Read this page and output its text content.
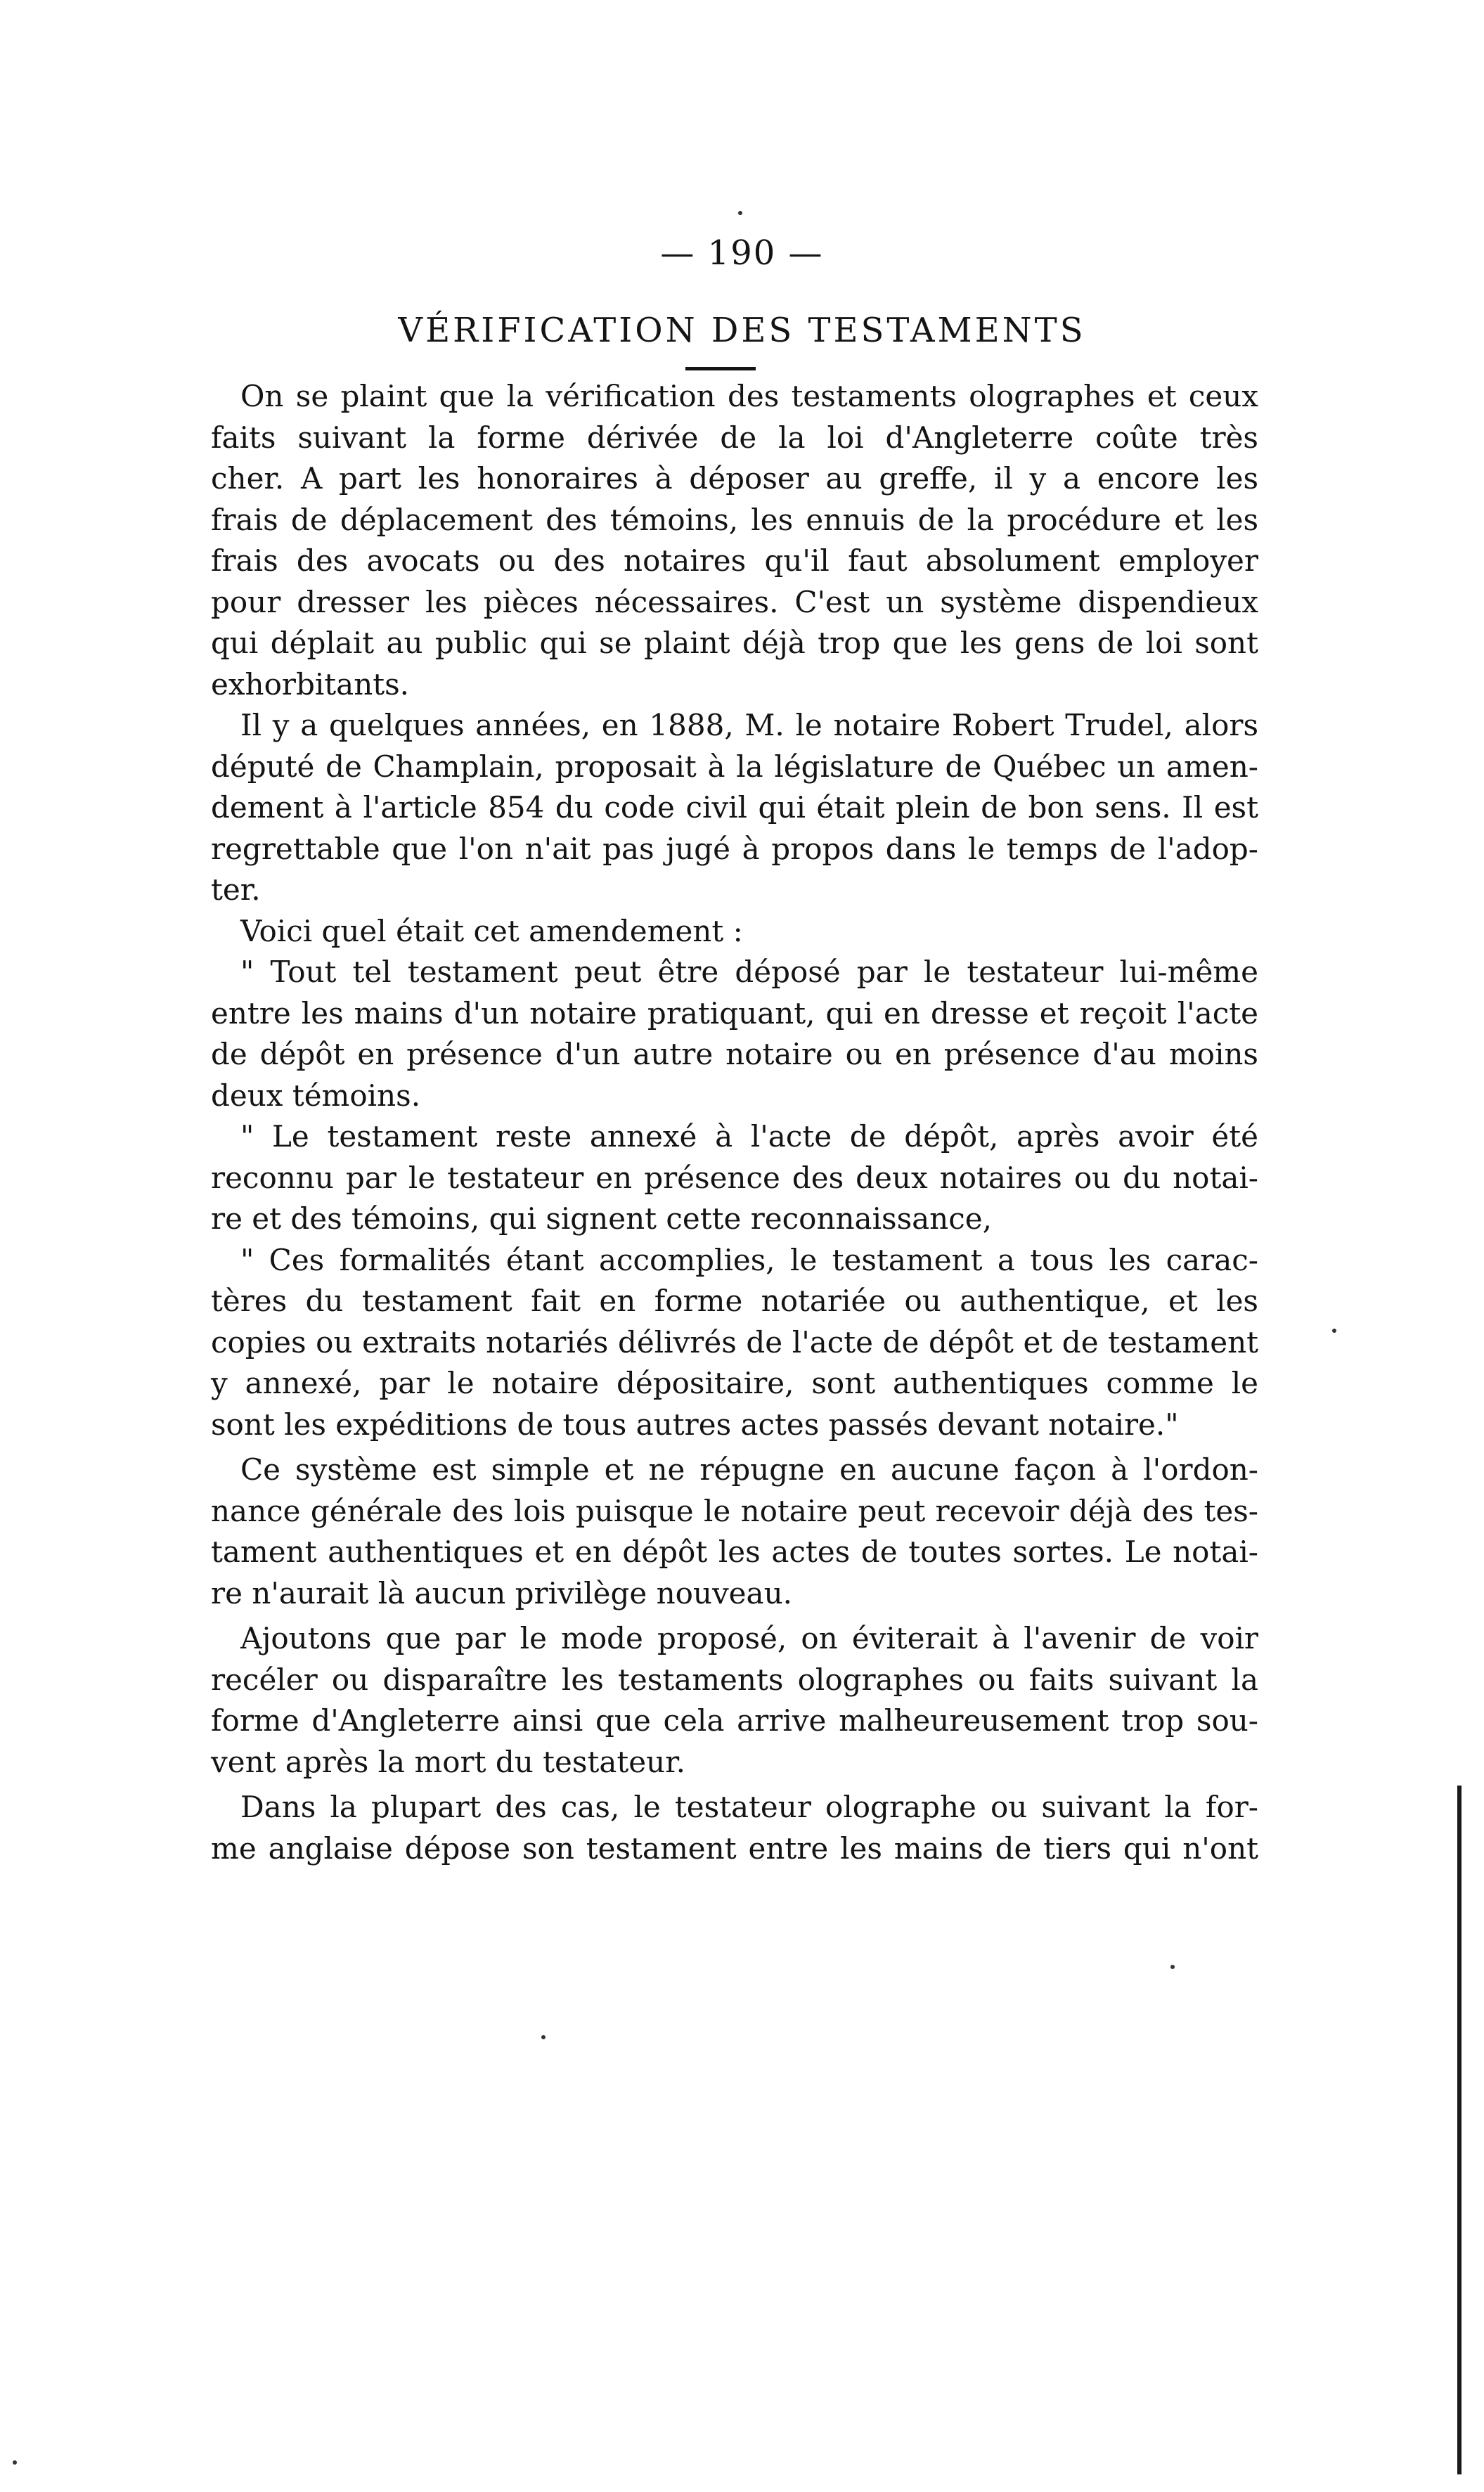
— 190 —
VÉRIFICATION DES TESTAMENTS
On se plaint que la vérification des testaments olographes et ceux
faits suivant la forme dérivée de la loi d'Angleterre coûte très
cher. A part les honoraires à déposer au greffe, il y a encore les
frais de déplacement des témoins, les ennuis de la procédure et les
frais des avocats ou des notaires qu'il faut absolument employer
pour dresser les pièces nécessaires. C'est un système dispendieux
qui déplait au public qui se plaint déjà trop que les gens de loi sont
exhorbitants.
Il y a quelques années, en 1888, M. le notaire Robert Trudel, alors
député de Champlain, proposait à la législature de Québec un amen-
dement à l'article 854 du code civil qui était plein de bon sens. Il est
regrettable que l'on n'ait pas jugé à propos dans le temps de l'adop-
ter.
Voici quel était cet amendement :
" Tout tel testament peut être déposé par le testateur lui-même
entre les mains d'un notaire pratiquant, qui en dresse et reçoit l'acte
de dépôt en présence d'un autre notaire ou en présence d'au moins
deux témoins.
" Le testament reste annexé à l'acte de dépôt, après avoir été
reconnu par le testateur en présence des deux notaires ou du notai-
re et des témoins, qui signent cette reconnaissance,
" Ces formalités étant accomplies, le testament a tous les carac-
tères du testament fait en forme notariée ou authentique, et les
copies ou extraits notariés délivrés de l'acte de dépôt et de testament
y annexé, par le notaire dépositaire, sont authentiques comme le
sont les expéditions de tous autres actes passés devant notaire."
Ce système est simple et ne répugne en aucune façon à l'ordon-
nance générale des lois puisque le notaire peut recevoir déjà des tes-
tament authentiques et en dépôt les actes de toutes sortes. Le notai-
re n'aurait là aucun privilège nouveau.
Ajoutons que par le mode proposé, on éviterait à l'avenir de voir
recéler ou disparaître les testaments olographes ou faits suivant la
forme d'Angleterre ainsi que cela arrive malheureusement trop sou-
vent après la mort du testateur.
Dans la plupart des cas, le testateur olographe ou suivant la for-
me anglaise dépose son testament entre les mains de tiers qui n'ont
